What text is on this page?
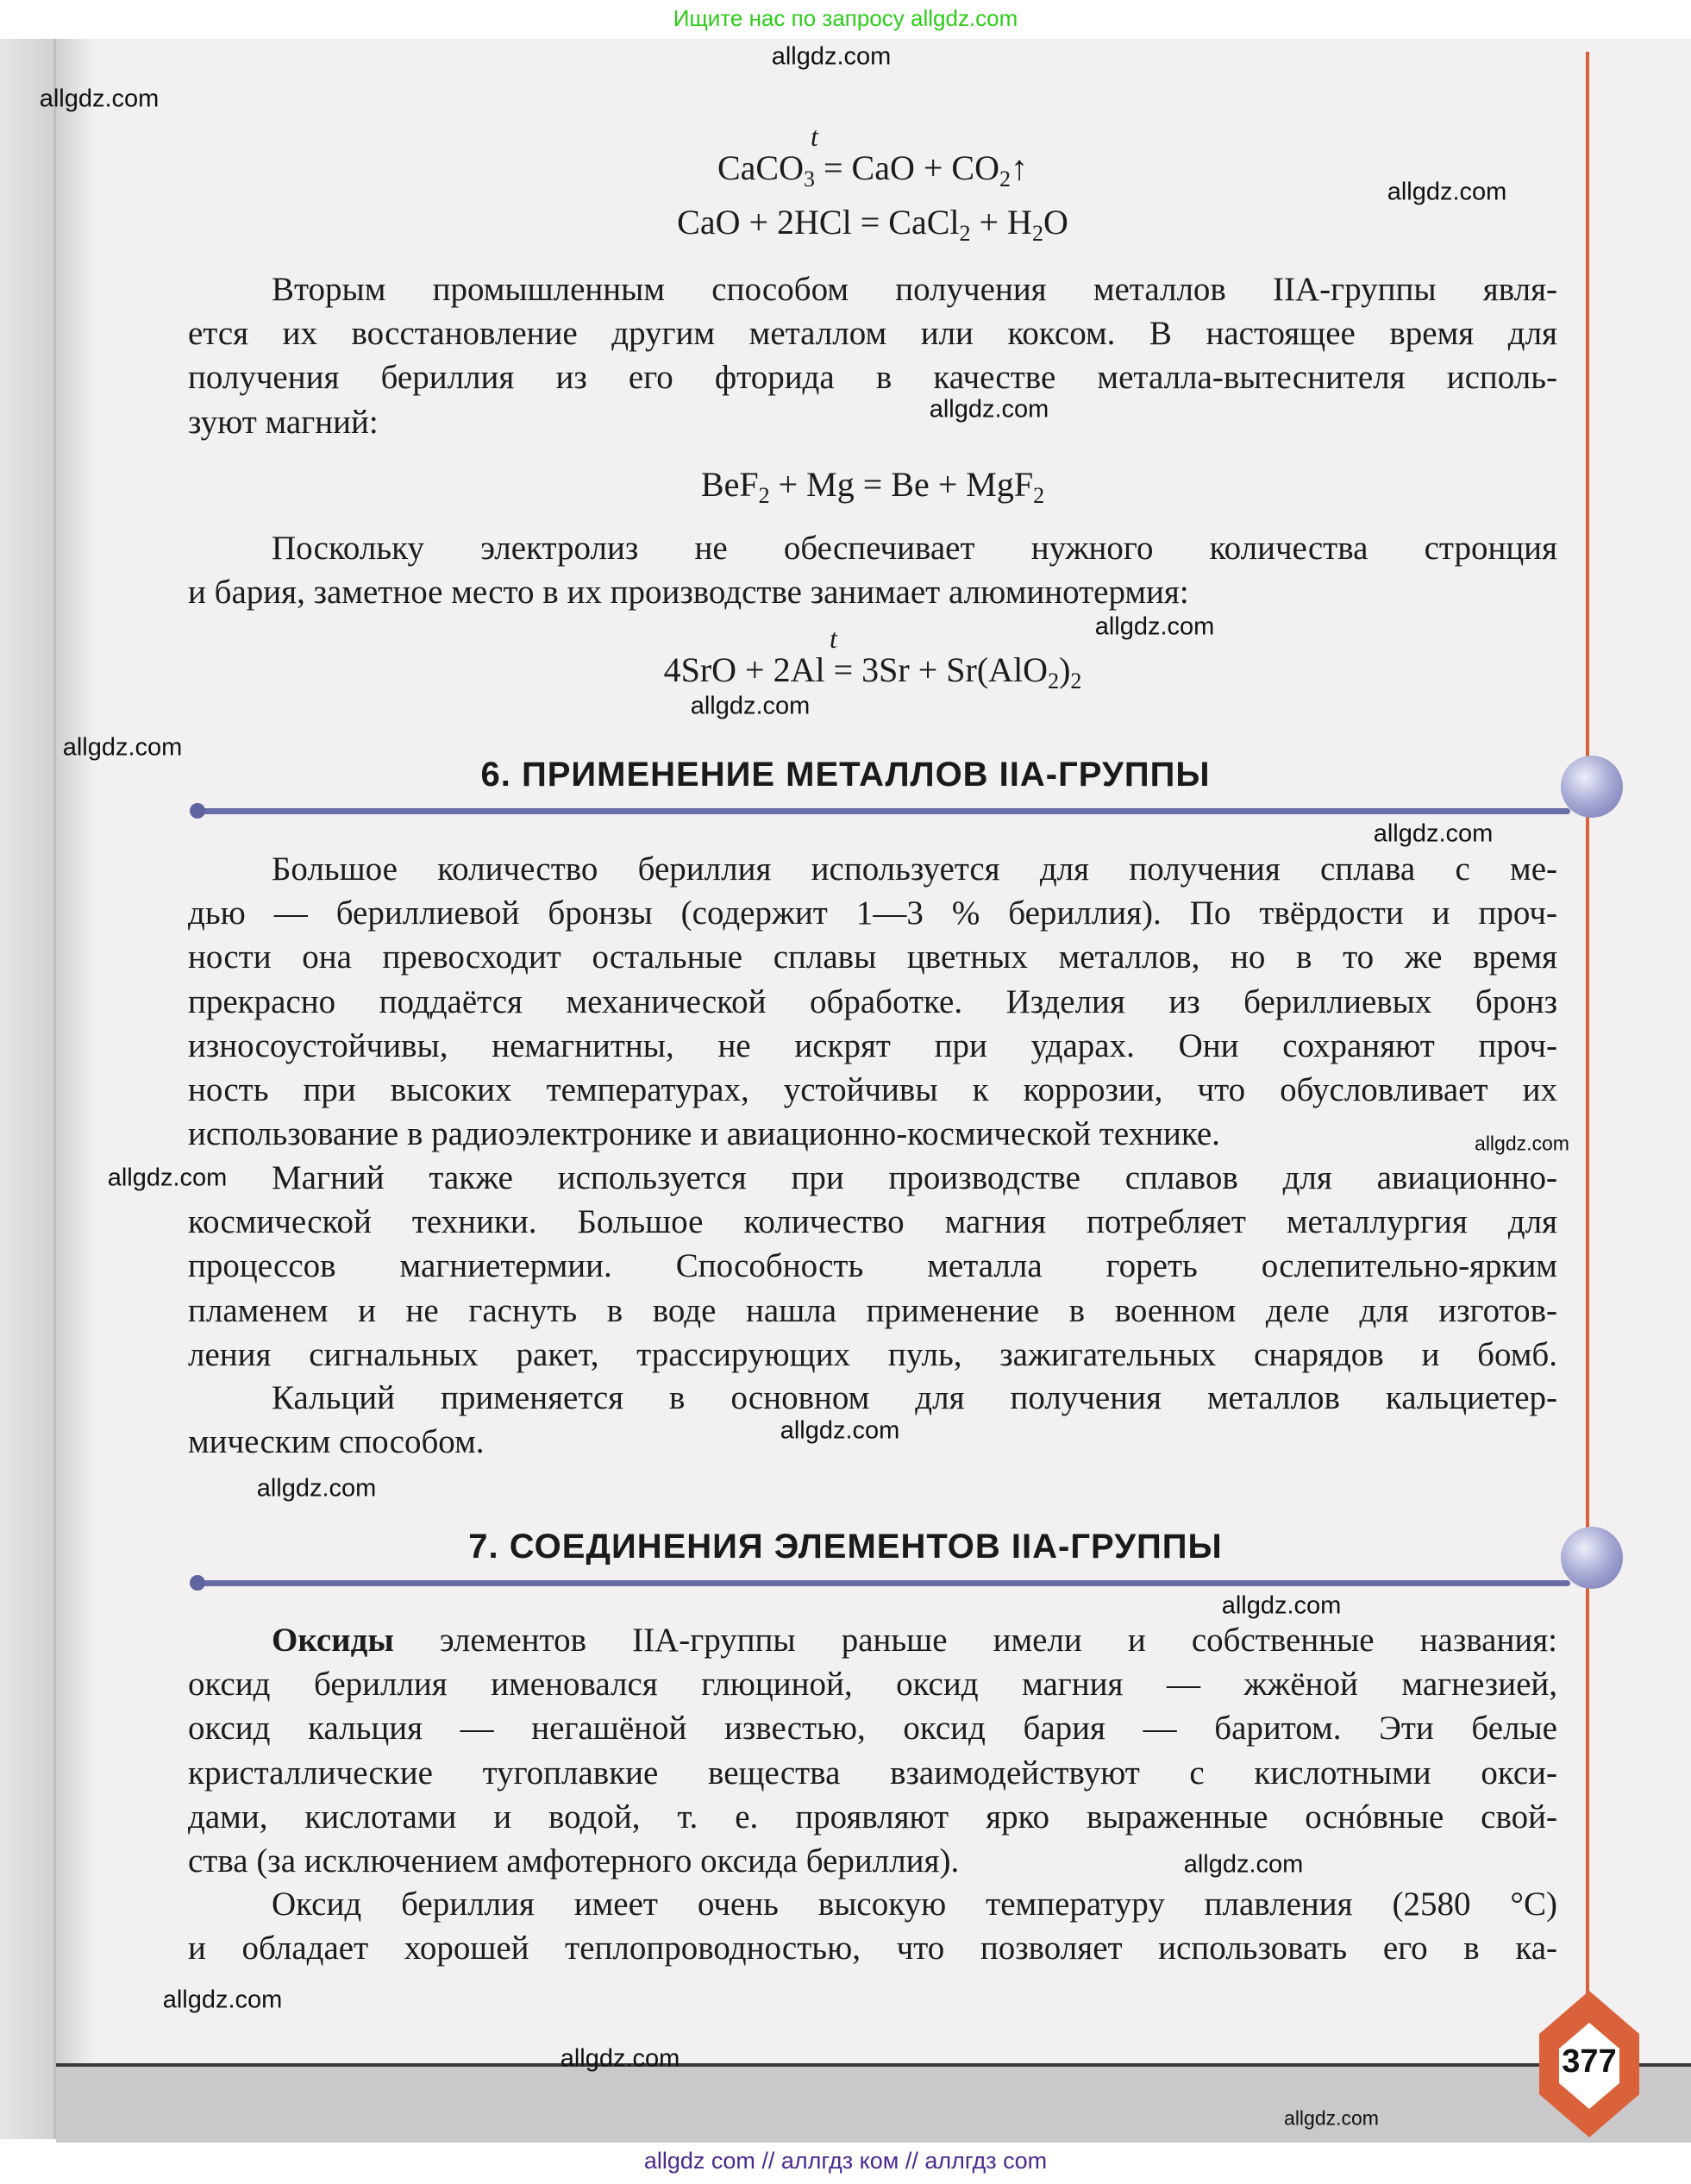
Ищите нас по запросу allgdz.com
CaCO$_3$ = CaO + $CO_2↑$
t
CaO + 2HCl = CaCl$_2$ + $H_2O$
BeF$_2$ + Mg = Be + MgF$_2$
$4SrO + 2Al = 3Sr + Sr(AlO_2)_2$
t
Вторым промышленным способом получения металлов IIA-группы явля-
ется их восстановление другим металлом или коксом. В настоящее время для
получения бериллия из его фторида в качестве металла-вытеснителя исполь-
зуют магний:
Поскольку электролиз не обеспечивает нужного количества стронция
и бария, заметное место в их производстве занимает алюминотермия:
Большое количество бериллия используется для получения сплава с ме-
дью — бериллиевой бронзы (содержит 1—3 % бериллия). По твёрдости и проч-
ности она превосходит остальные сплавы цветных металлов, но в то же время
прекрасно поддаётся механической обработке. Изделия из бериллиевых бронз
износоустойчивы, немагнитны, не искрят при ударах. Они сохраняют проч-
ность при высоких температурах, устойчивы к коррозии, что обусловливает их
использование в радиоэлектронике и авиационно-космической технике.
Магний также используется при производстве сплавов для авиационно-
космической техники. Большое количество магния потребляет металлургия для
процессов магниетермии. Способность металла гореть ослепительно-ярким
пламенем и не гаснуть в воде нашла применение в военном деле для изготов-
ления сигнальных ракет, трассирующих пуль, зажигательных снарядов и бомб.
Кальций применяется в основном для получения металлов кальциетер-
мическим способом.
Оксиды элементов IIA-группы раньше имели и собственные названия:
оксид бериллия именовался глюциной, оксид магния — жжёной магнезией,
оксид кальция — негашёной известью, оксид бария — баритом. Эти белые
кристаллические тугоплавкие вещества взаимодействуют с кислотными окси-
дами, кислотами и водой, т. е. проявляют ярко выраженные оснóвные свой-
ства (за исключением амфотерного оксида бериллия).
Оксид бериллия имеет очень высокую температуру плавления (2580 °C)
и обладает хорошей теплопроводностью, что позволяет использовать его в ка-
6. ПРИМЕНЕНИЕ МЕТАЛЛОВ IIA-ГРУППЫ
7. СОЕДИНЕНИЯ ЭЛЕМЕНТОВ IIA-ГРУППЫ
377
allgdz.com
allgdz.com
allgdz.com
allgdz.com
allgdz.com
allgdz.com
allgdz.com
allgdz.com
allgdz.com
allgdz.com
allgdz.com
allgdz.com
allgdz.com
allgdz.com
allgdz.com
allgdz.com
allgdz.com
allgdz com // аллгдз ком // аллгдз com
